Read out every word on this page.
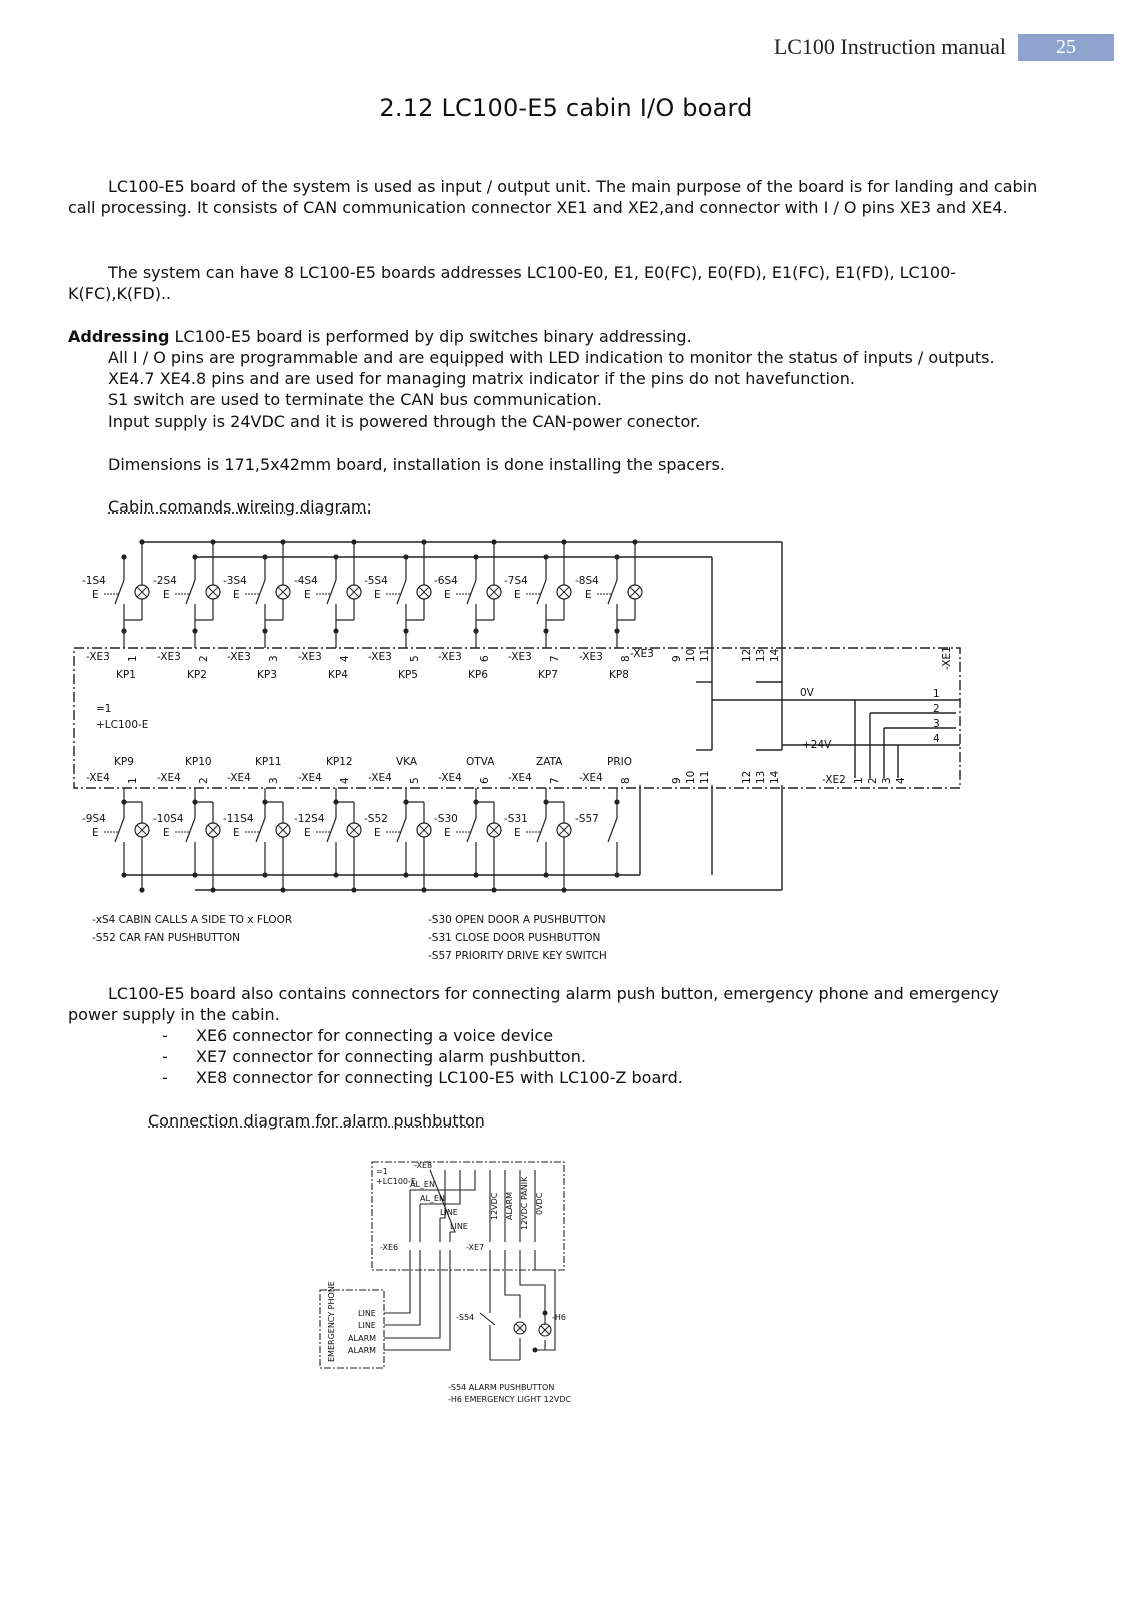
LC100 Instruction manual	25
2.12 LC100-E5 cabin I/O board
LC100-E5 board of the system is used as input / output unit. The main purpose of the board is for landing and cabin call processing. It consists of CAN communication connector XE1 and XE2,and connector with I / O pins XE3 and XE4.
The system can have 8 LC100-E5 boards addresses LC100-E0, E1, E0(FC), E0(FD), E1(FC), E1(FD), LC100-K(FC),K(FD)..
Addressing LC100-E5 board is performed by dip switches binary addressing.
All I / O pins are programmable and are equipped with LED indication to monitor the status of inputs / outputs.
XE4.7 XE4.8 pins and are used for managing matrix indicator if the pins do not havefunction.
S1 switch are used to terminate the CAN bus communication.
Input supply is 24VDC and it is powered through the CAN-power conector.
Dimensions is 171,5x42mm board, installation is done installing the spacers.
Cabin comands wireing diagram:
E
-1S4
-XE3 1
KP1
E
-2S4
-XE3 2
KP2
E
-3S4
-XE3 3
KP3
E
-4S4
-XE3 4
KP4
E
-5S4
-XE3 5
KP5
E
-6S4
-XE3 6
KP6
E
-7S4
-XE3 7
KP7
E
-8S4
-XE3 8
KP8
9 10 11	12 13 14
E
-9S4
-XE4 1
KP9
E
-10S4
-XE4 2
KP10
E
-11S4
-XE4 3
KP11
E
-12S4
-XE4 4
KP12
E
-S52
-XE4 5
VKA
E
-S30
-XE4 6
OTVA
E
-S31
-XE4 7
ZATA
-S57
-XE4 8
PRIO
9 10 11	12 13 14	1 2 3 4
=1
+LC100-E
0V
+24V
-XE2
-XE1
1
2
3
4
-XE3
-xS4 CABIN CALLS A SIDE TO x FLOOR
-S52 CAR FAN PUSHBUTTON
-S30 OPEN DOOR A PUSHBUTTON
-S31 CLOSE DOOR PUSHBUTTON
-S57 PRIORITY DRIVE KEY SWITCH
LC100-E5 board also contains connectors for connecting alarm push button, emergency phone and emergency power supply in the cabin.
- XE6 connector for connecting a voice device
- XE7 connector for connecting alarm pushbutton.
- XE8 connector for connecting LC100-E5 with LC100-Z board.
Connection diagram for alarm pushbutton
=1
+LC100-E
-XE8
AL_EN
AL_EN
LINE
LINE
-XE6	-XE7
12VDC ALARM 12VDC PANIK 0VDC
EMERGENCY PHONE	LINE
LINE
ALARM
ALARM
-S54	-H6
-S54 ALARM PUSHBUTTON
-H6 EMERGENCY LIGHT 12VDC
